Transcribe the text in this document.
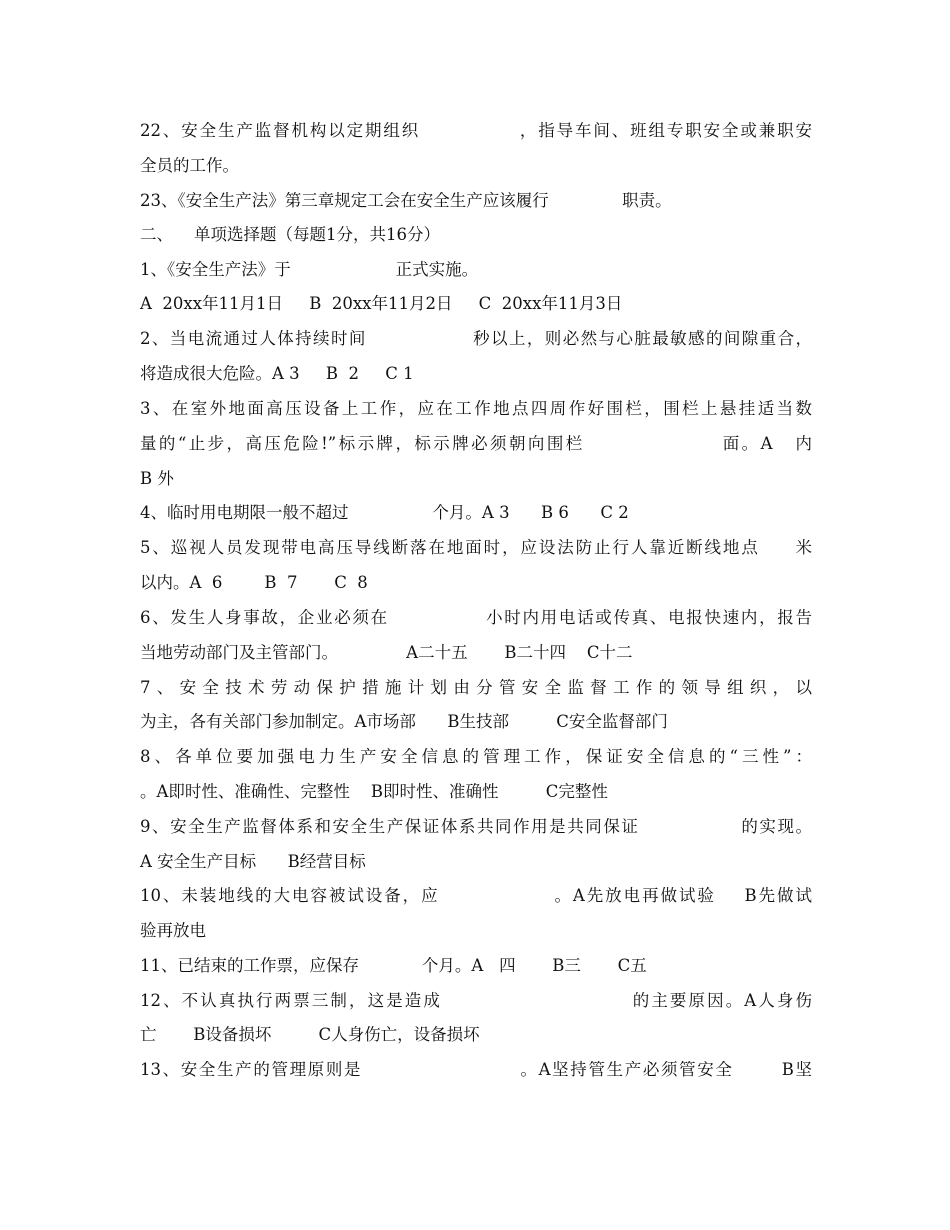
22、安全生产监督机构以定期组织              ，指导车间、班组专职安全或兼职安

全员的工作。

23、《安全生产法》第三章规定工会在安全生产应该履行              职责。

二、    单项选择题（每题1分，共16分）

1、《安全生产法》于                    正式实施。

A  20xx年11月1日     B  20xx年11月2日     C  20xx年11月3日

2、当电流通过人体持续时间                秒以上，则必然与心脏最敏感的间隙重合，

将造成很大危险。A 3     B  2     C 1

3、在室外地面高压设备上工作，应在工作地点四周作好围栏，围栏上悬挂适当数

量的“止步，高压危险!”标示牌，标示牌必须朝向围栏                  面。A   内

B 外

4、临时用电期限一般不超过                个月。A 3      B 6      C 2

5、巡视人员发现带电高压导线断落在地面时，应设法防止行人靠近断线地点     米

以内。A  6        B  7       C  8

6、发生人身事故，企业必须在              小时内用电话或传真、电报快速内，报告

当地劳动部门及主管部门。             A二十五       B二十四    C十二

7、安全技术劳动保护措施计划由分管安全监督工作的领导组织，以

为主，各有关部门参加制定。A市场部      B生技部         C安全监督部门

8、各单位要加强电力生产安全信息的管理工作，保证安全信息的“三性”：

。A即时性、准确性、完整性    B即时性、准确性         C完整性

9、安全生产监督体系和安全生产保证体系共同作用是共同保证               的实现。

A 安全生产目标      B经营目标

10、未装地线的大电容被试设备，应                。A先放电再做试验    B先做试

验再放电

11、已结束的工作票，应保存            个月。A   四       B三       C五

12、不认真执行两票三制，这是造成                          的主要原因。A人身伤

亡       B设备损坏         C人身伤亡，设备损坏

13、安全生产的管理原则是                       。A坚持管生产必须管安全       B坚
